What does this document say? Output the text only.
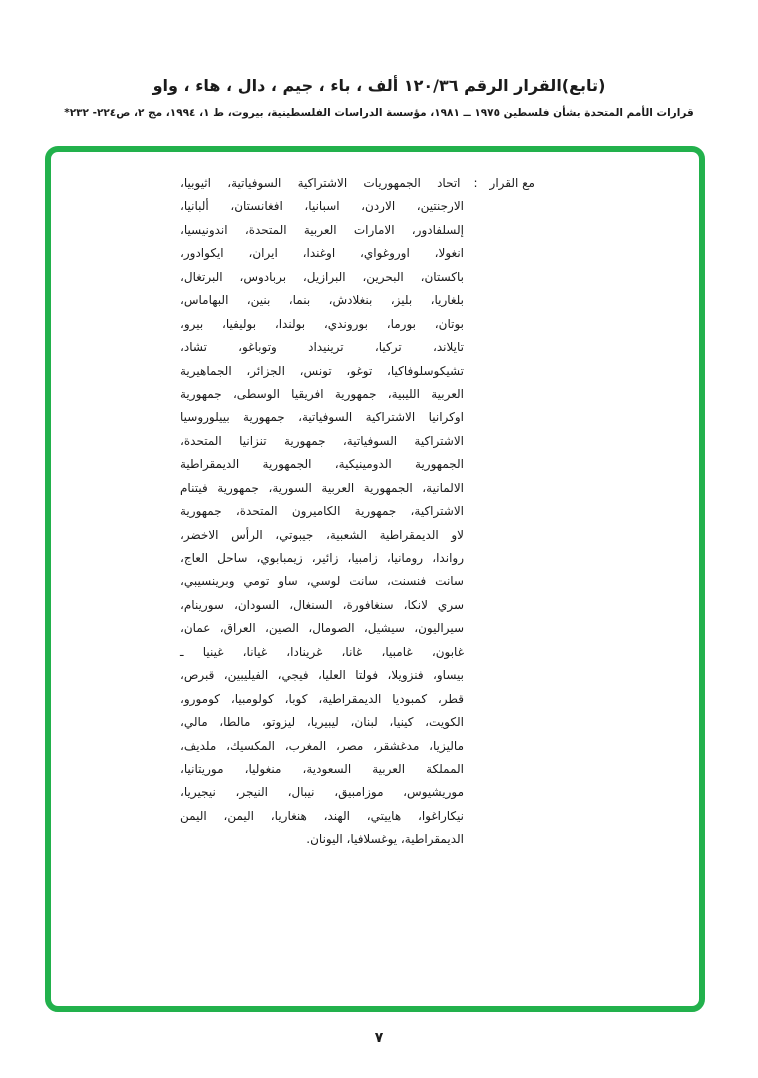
(تابع)القرار الرقم ١٢٠/٣٦ ألف ، باء ، جيم ، دال ، هاء ، واو
قرارات الأمم المتحدة بشأن فلسطين ١٩٧٥ ــ ١٩٨١، مؤسسة الدراسات الفلسطينية، بيروت، ط ١، ١٩٩٤، مج ٢، ص٢٢٤- ٢٣٢*
مع القرار
:
اتحاد الجمهوريات الاشتراكية السوفياتية، اثيوبيا،
الارجنتين، الاردن، اسبانيا، افغانستان، ألبانيا،
إلسلفادور، الامارات العربية المتحدة، اندونيسيا،
انغولا، اوروغواي، اوغندا، ايران، ايكوادور،
باكستان، البحرين، البرازيل، بربادوس، البرتغال،
بلغاريا، بليز، بنغلادش، بنما، بنين، البهاماس،
بوتان، بورما، بوروندي، بولندا، بوليفيا، بيرو،
تايلاند، تركيا، ترينيداد وتوباغو، تشاد،
تشيكوسلوفاكيا، توغو، تونس، الجزائر، الجماهيرية
العربية الليبية، جمهورية افريقيا الوسطى، جمهورية
اوكرانيا الاشتراكية السوفياتية، جمهورية بييلوروسيا
الاشتراكية السوفياتية، جمهورية تنزانيا المتحدة،
الجمهورية الدومينيكية، الجمهورية الديمقراطية
الالمانية، الجمهورية العربية السورية، جمهورية فيتنام
الاشتراكية، جمهورية الكاميرون المتحدة، جمهورية
لاو الديمقراطية الشعبية، جيبوتي، الرأس الاخضر،
رواندا، رومانيا، زامبيا، زائير، زيمبابوي، ساحل العاج،
سانت فنسنت، سانت لوسي، ساو تومي وبرينسيبي،
سري لانكا، سنغافورة، السنغال، السودان، سورينام،
سيراليون، سيشيل، الصومال، الصين، العراق، عمان،
غابون، غامبيا، غانا، غرينادا، غيانا، غينيا ـ
بيساو، فنزويلا، فولتا العليا، فيجي، الفيليبين، قبرص،
قطر، كمبوديا الديمقراطية، كوبا، كولومبيا، كومورو،
الكويت، كينيا، لبنان، ليبيريا، ليزوتو، مالطا، مالي،
ماليزيا، مدغشقر، مصر، المغرب، المكسيك، ملديف،
المملكة العربية السعودية، منغوليا، موريتانيا،
موريشيوس، موزامبيق، نيبال، النيجر، نيجيريا،
نيكاراغوا، هاييتي، الهند، هنغاريا، اليمن، اليمن
الديمقراطية، يوغسلافيا، اليونان.
٧
